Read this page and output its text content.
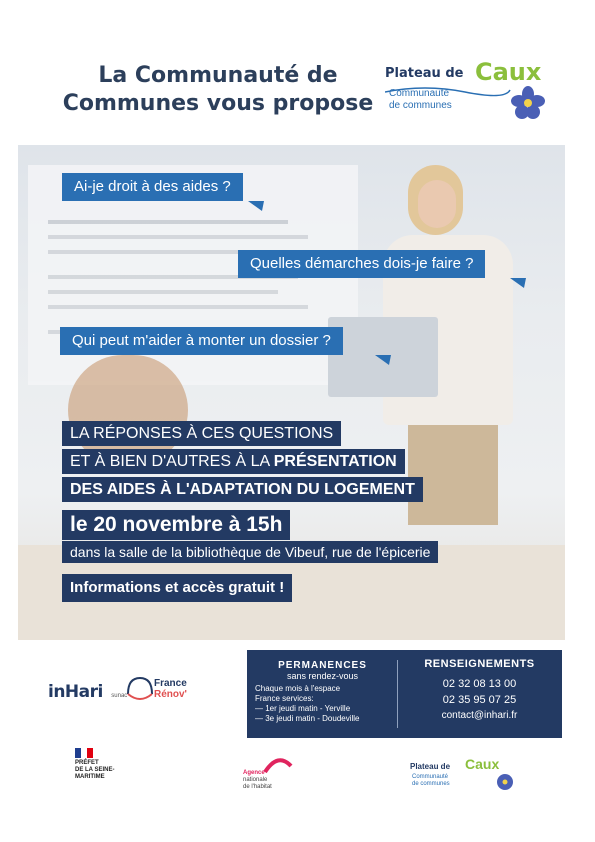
La Communauté de
Communes vous propose
Plateau de Caux
Communauté
de communes
Ai-je droit à des aides ?
Quelles démarches dois-je faire ?
Qui peut m'aider à monter un dossier ?
LA RÉPONSES À CES QUESTIONS
ET À BIEN D'AUTRES À LA PRÉSENTATION
DES AIDES À L'ADAPTATION DU LOGEMENT
le 20 novembre à 15h
dans la salle de la bibliothèque de Vibeuf, rue de l'épicerie
Informations et accès gratuit !
inHari sunac
France
Rénov'
PERMANENCES
sans rendez-vous
Chaque mois à l'espace
France services:
— 1er jeudi matin - Yerville
— 3e jeudi matin - Doudeville
RENSEIGNEMENTS
02 32 08 13 00
02 35 95 07 25
contact@inhari.fr
PRÉFET
DE LA SEINE-
MARITIME
Agence
nationale
de l'habitat
Plateau de Caux
Communauté
de communes
